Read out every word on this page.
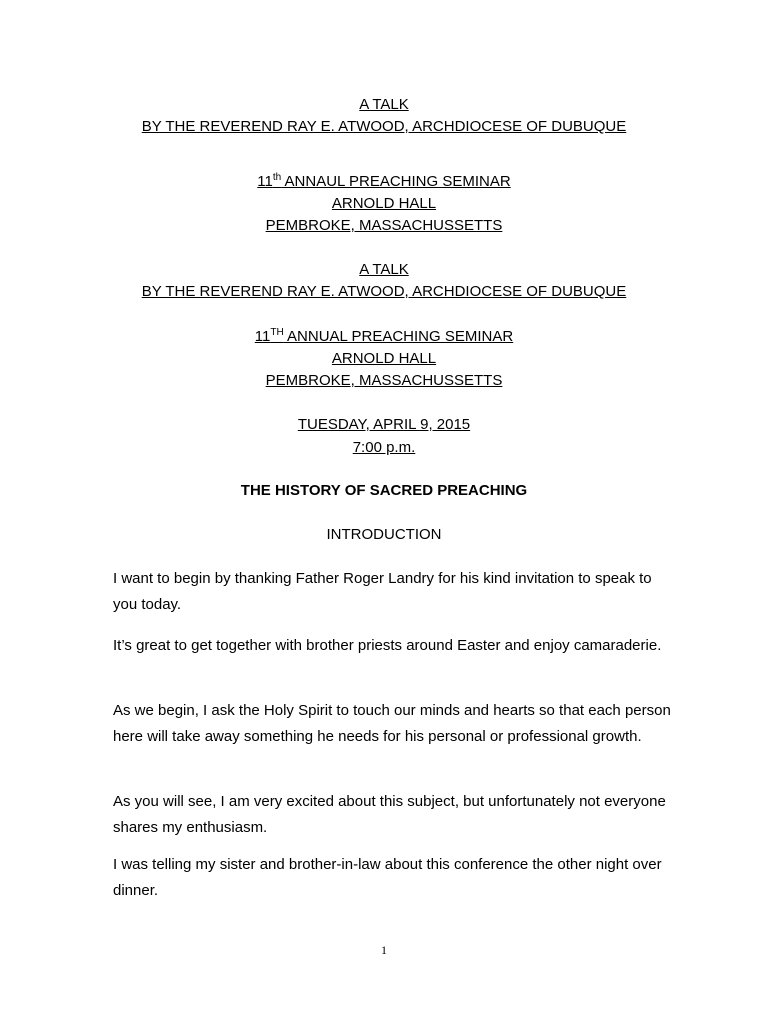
A TALK
BY THE REVEREND RAY E. ATWOOD, ARCHDIOCESE OF DUBUQUE
11th ANNAUL PREACHING SEMINAR
ARNOLD HALL
PEMBROKE, MASSACHUSSETTS
A TALK
BY THE REVEREND RAY E. ATWOOD, ARCHDIOCESE OF DUBUQUE
11TH ANNUAL PREACHING SEMINAR
ARNOLD HALL
PEMBROKE, MASSACHUSSETTS
TUESDAY, APRIL 9, 2015
7:00 p.m.
THE HISTORY OF SACRED PREACHING
INTRODUCTION
I want to begin by thanking Father Roger Landry for his kind invitation to speak to you today.
It’s great to get together with brother priests around Easter and enjoy camaraderie.
As we begin, I ask the Holy Spirit to touch our minds and hearts so that each person here will take away something he needs for his personal or professional growth.
As you will see, I am very excited about this subject, but unfortunately not everyone shares my enthusiasm.
I was telling my sister and brother-in-law about this conference the other night over dinner.
1
